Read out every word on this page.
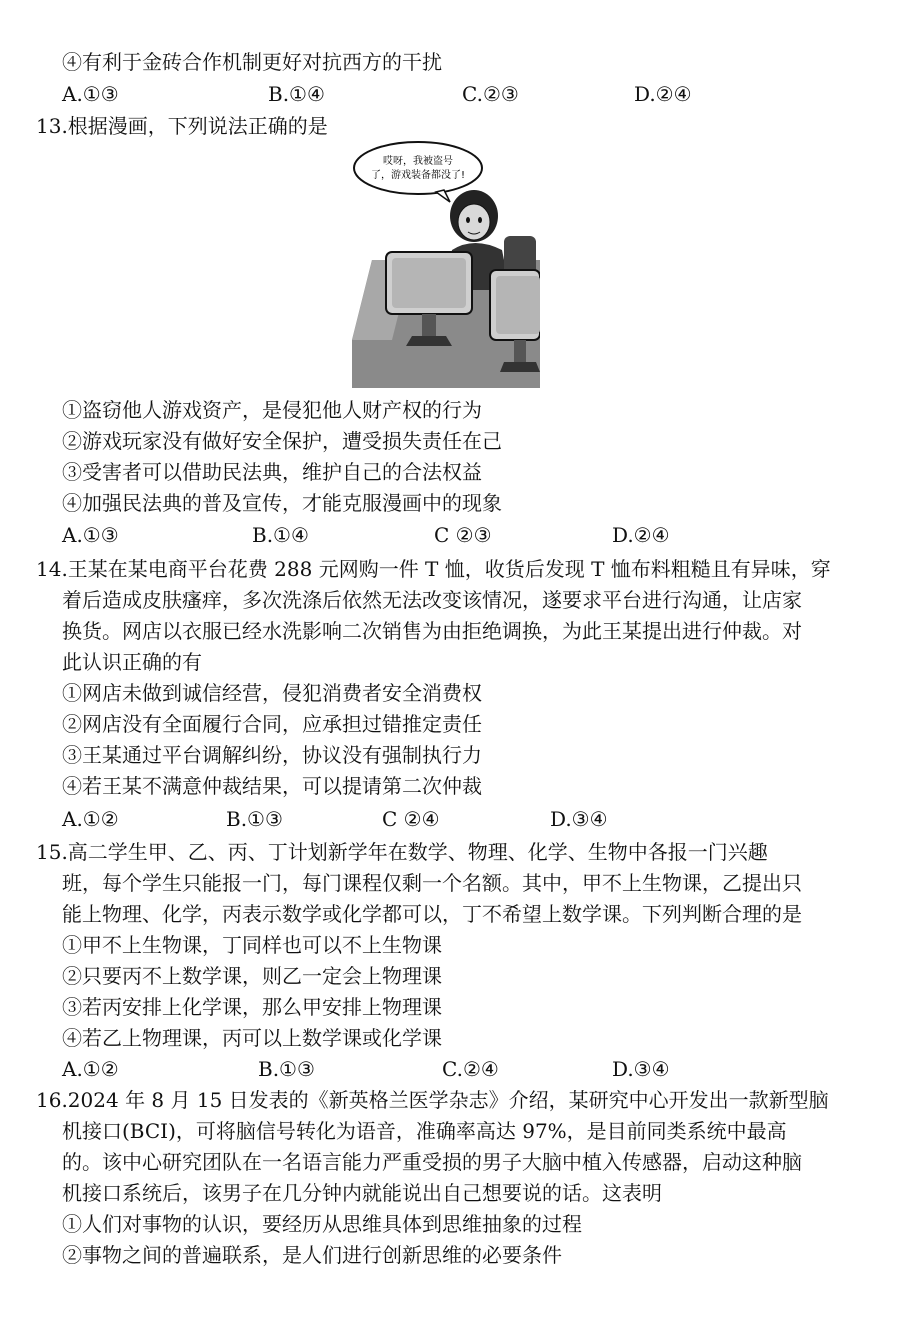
④有利于金砖合作机制更好对抗西方的干扰
A.①③	B.①④	C.②③	D.②④
13.根据漫画，下列说法正确的是
哎呀，我被盗号
了，游戏装备都没了!
①盗窃他人游戏资产，是侵犯他人财产权的行为
②游戏玩家没有做好安全保护，遭受损失责任在己
③受害者可以借助民法典，维护自己的合法权益
④加强民法典的普及宣传，才能克服漫画中的现象
A.①③	B.①④	C ②③	D.②④
14.王某在某电商平台花费 288 元网购一件 T 恤，收货后发现 T 恤布料粗糙且有异味，穿
着后造成皮肤瘙痒，多次洗涤后依然无法改变该情况，遂要求平台进行沟通，让店家
换货。网店以衣服已经水洗影响二次销售为由拒绝调换，为此王某提出进行仲裁。对
此认识正确的有
①网店未做到诚信经营，侵犯消费者安全消费权
②网店没有全面履行合同，应承担过错推定责任
③王某通过平台调解纠纷，协议没有强制执行力
④若王某不满意仲裁结果，可以提请第二次仲裁
A.①②	B.①③	C ②④	D.③④
15.高二学生甲、乙、丙、丁计划新学年在数学、物理、化学、生物中各报一门兴趣
班，每个学生只能报一门，每门课程仅剩一个名额。其中，甲不上生物课，乙提出只
能上物理、化学，丙表示数学或化学都可以，丁不希望上数学课。下列判断合理的是
①甲不上生物课，丁同样也可以不上生物课
②只要丙不上数学课，则乙一定会上物理课
③若丙安排上化学课，那么甲安排上物理课
④若乙上物理课，丙可以上数学课或化学课
A.①②	B.①③	C.②④	D.③④
16.2024 年 8 月 15 日发表的《新英格兰医学杂志》介绍，某研究中心开发出一款新型脑
机接口(BCI)，可将脑信号转化为语音，准确率高达 97%，是目前同类系统中最高
的。该中心研究团队在一名语言能力严重受损的男子大脑中植入传感器，启动这种脑
机接口系统后，该男子在几分钟内就能说出自己想要说的话。这表明
①人们对事物的认识，要经历从思维具体到思维抽象的过程
②事物之间的普遍联系，是人们进行创新思维的必要条件
